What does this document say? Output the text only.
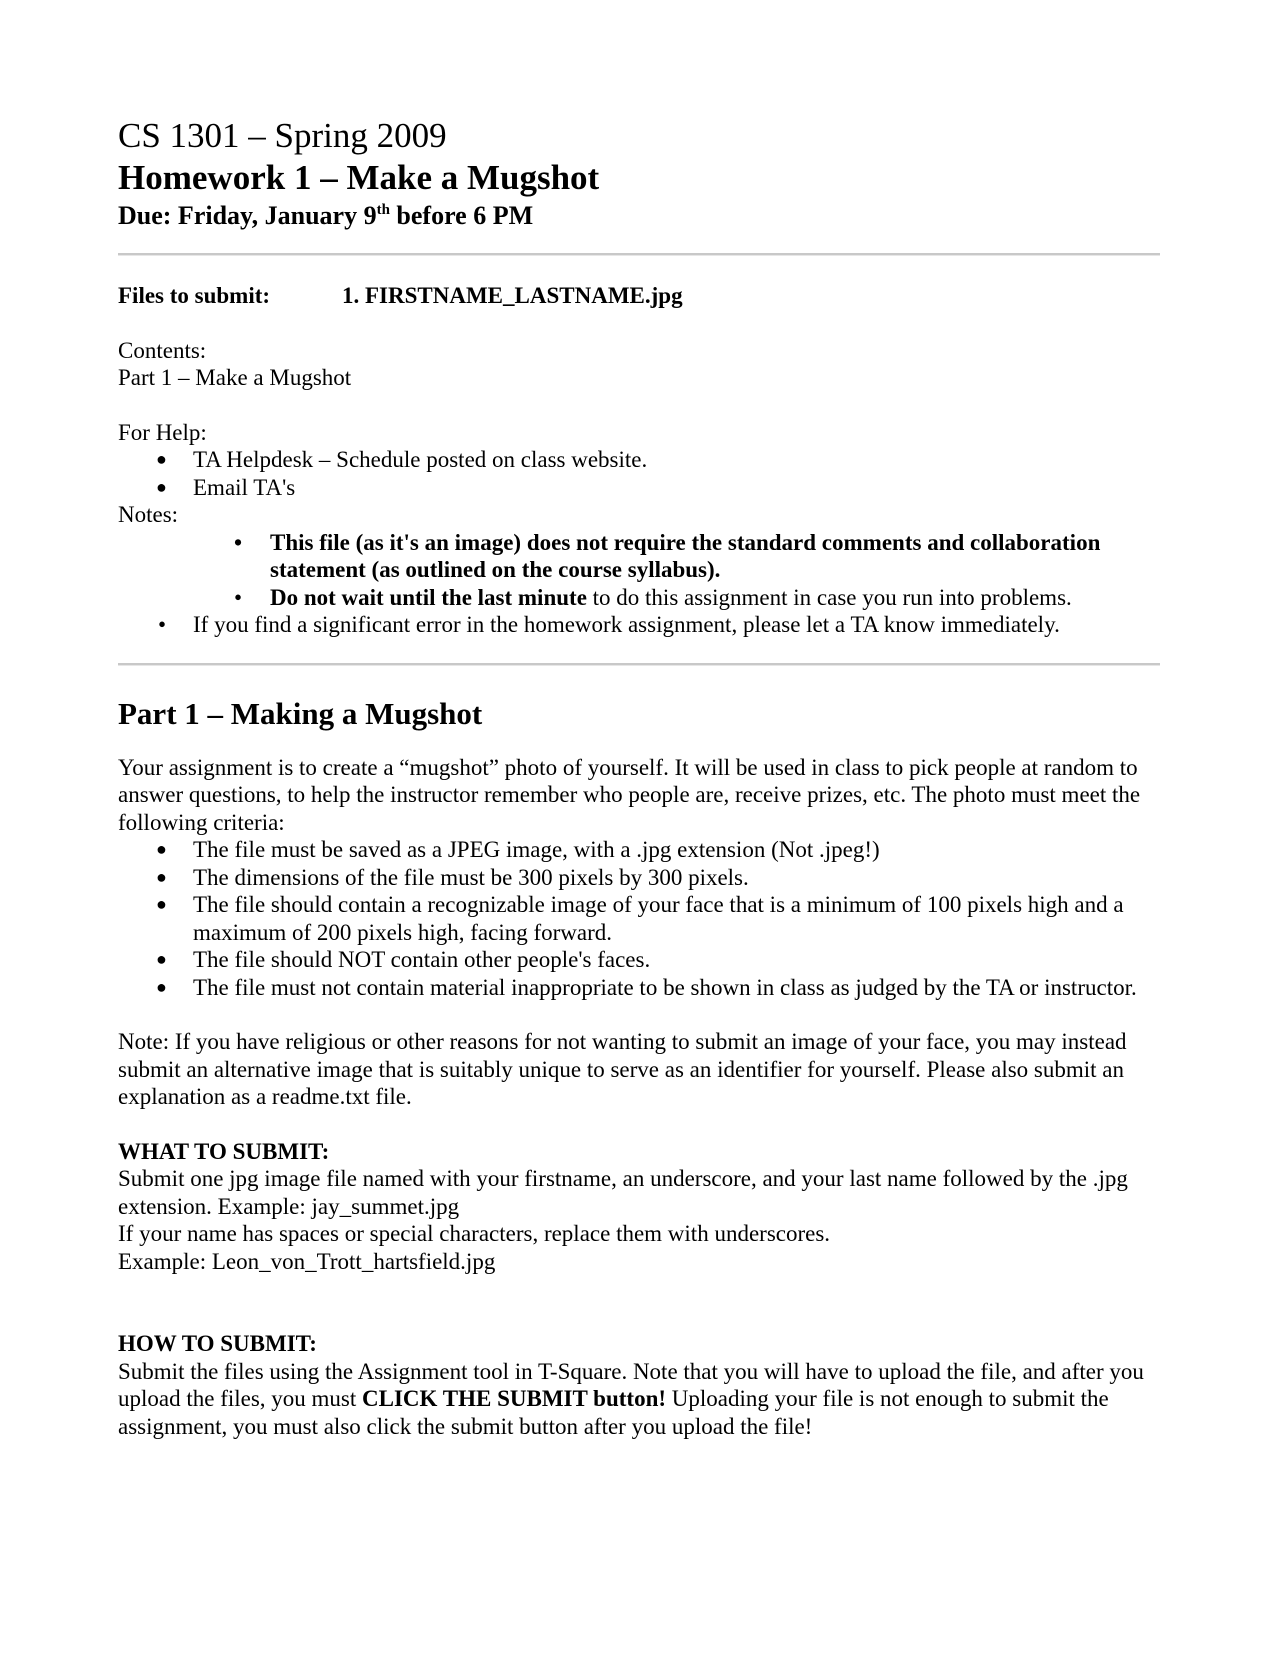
CS 1301 – Spring 2009
Homework 1 – Make a Mugshot
Due: Friday, January 9th before 6 PM
Files to submit:	1. FIRSTNAME_LASTNAME.jpg

Contents:

Part 1 – Make a Mugshot

For Help:

● TA Helpdesk – Schedule posted on class website.
● Email TA's

Notes:

• This file (as it's an image) does not require the standard comments and collaboration statement (as outlined on the course syllabus).
• Do not wait until the last minute to do this assignment in case you run into problems.
• If you find a significant error in the homework assignment, please let a TA know immediately.
Part 1 – Making a Mugshot

Your assignment is to create a “mugshot” photo of yourself. It will be used in class to pick people at random to answer questions, to help the instructor remember who people are, receive prizes, etc. The photo must meet the following criteria:

● The file must be saved as a JPEG image, with a .jpg extension (Not .jpeg!)
● The dimensions of the file must be 300 pixels by 300 pixels.
● The file should contain a recognizable image of your face that is a minimum of 100 pixels high and a maximum of 200 pixels high, facing forward.
● The file should NOT contain other people's faces.
● The file must not contain material inappropriate to be shown in class as judged by the TA or instructor.

Note: If you have religious or other reasons for not wanting to submit an image of your face, you may instead submit an alternative image that is suitably unique to serve as an identifier for yourself. Please also submit an explanation as a readme.txt file.

WHAT TO SUBMIT:

Submit one jpg image file named with your firstname, an underscore, and your last name followed by the .jpg extension. Example: jay_summet.jpg

If your name has spaces or special characters, replace them with underscores.

Example: Leon_von_Trott_hartsfield.jpg

HOW TO SUBMIT:

Submit the files using the Assignment tool in T-Square. Note that you will have to upload the file, and after you upload the files, you must CLICK THE SUBMIT button! Uploading your file is not enough to submit the assignment, you must also click the submit button after you upload the file!
